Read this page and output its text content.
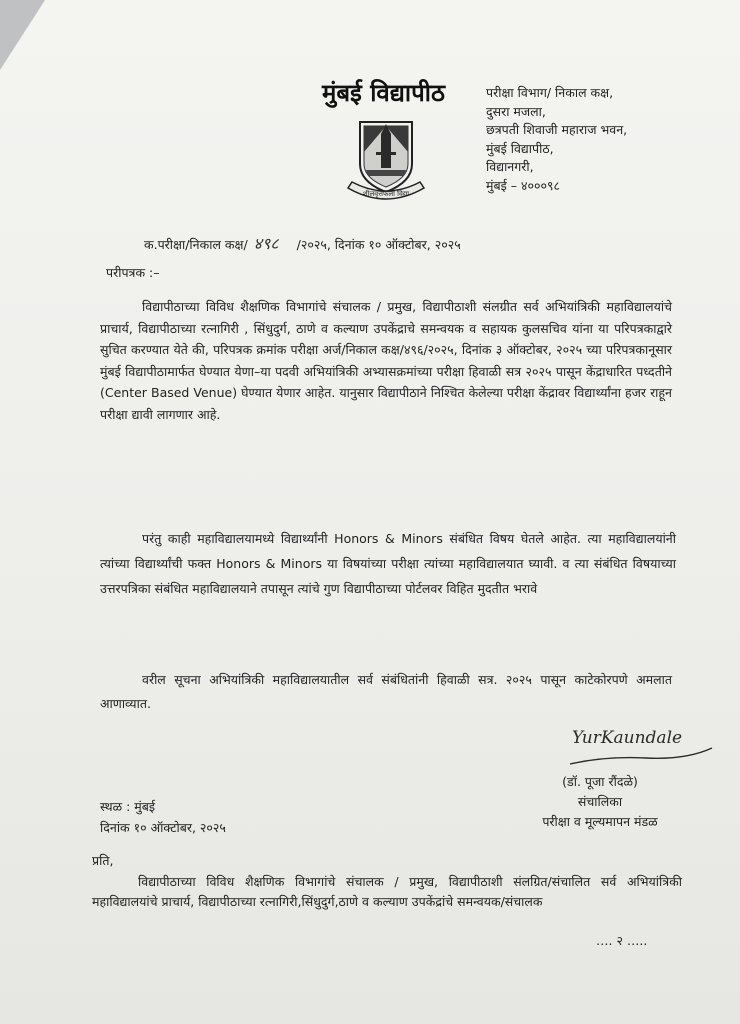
मुंबई विद्यापीठ
शीलवृत्तफला विद्या
परीक्षा विभाग/ निकाल कक्ष,
दुसरा मजला,
छत्रपती शिवाजी महाराज भवन,
मुंबई विद्यापीठ,
विद्यानगरी,
मुंबई – ४०००९८
क.परीक्षा/निकाल कक्ष/ ४९८ /२०२५, दिनांक १० ऑक्टोबर, २०२५
परीपत्रक :–
विद्यापीठाच्या विविध शैक्षणिक विभागांचे संचालक / प्रमुख, विद्यापीठाशी संलग्रीत सर्व अभियांत्रिकी महाविद्यालयांचे प्राचार्य, विद्यापीठाच्या रत्नागिरी , सिंधुदुर्ग, ठाणे व कल्याण उपकेंद्राचे समन्वयक व सहायक कुलसचिव यांना या परिपत्रकाद्वारे सुचित करण्यात येते की, परिपत्रक क्रमांक परीक्षा अर्ज/निकाल कक्ष/४९६/२०२५, दिनांक ३ ऑक्टोबर, २०२५ च्या परिपत्रकानूसार मुंबई विद्यापीठामार्फत घेण्यात येणा–या पदवी अभियांत्रिकी अभ्यासक्रमांच्या परीक्षा हिवाळी सत्र २०२५ पासून केंद्राधारित पध्दतीने (Center Based Venue) घेण्यात येणार आहेत. यानुसार विद्यापीठाने निश्चित केलेल्या परीक्षा केंद्रावर विद्यार्थ्यांना हजर राहून परीक्षा द्यावी लागणार आहे.
परंतु काही महाविद्यालयामध्ये विद्यार्थ्यांनी Honors & Minors संबंधित विषय घेतले आहेत. त्या महाविद्यालयांनी त्यांच्या विद्यार्थ्यांची फक्त Honors & Minors या विषयांच्या परीक्षा त्यांच्या महाविद्यालयात घ्यावी. व त्या संबंधित विषयाच्या उत्तरपत्रिका संबंधित महाविद्यालयाने तपासून त्यांचे गुण विद्यापीठाच्या पोर्टलवर विहित मुदतीत भरावे
वरील सूचना अभियांत्रिकी महाविद्यालयातील सर्व संबंधितांनी हिवाळी सत्र. २०२५ पासून काटेकोरपणे अमलात आणाव्यात.
YurKaundale
(डॉ. पूजा रौंदळे)
संचालिका
परीक्षा व मूल्यमापन मंडळ
स्थळ : मुंबई
दिनांक १० ऑक्टोबर, २०२५
प्रति,
विद्यापीठाच्या विविध शैक्षणिक विभागांचे संचालक / प्रमुख, विद्यापीठाशी संलग्रित/संचालित सर्व अभियांत्रिकी महाविद्यालयांचे प्राचार्य, विद्यापीठाच्या रत्नागिरी,सिंधुदुर्ग,ठाणे व कल्याण उपकेंद्रांचे समन्वयक/संचालक
…. २ …..
